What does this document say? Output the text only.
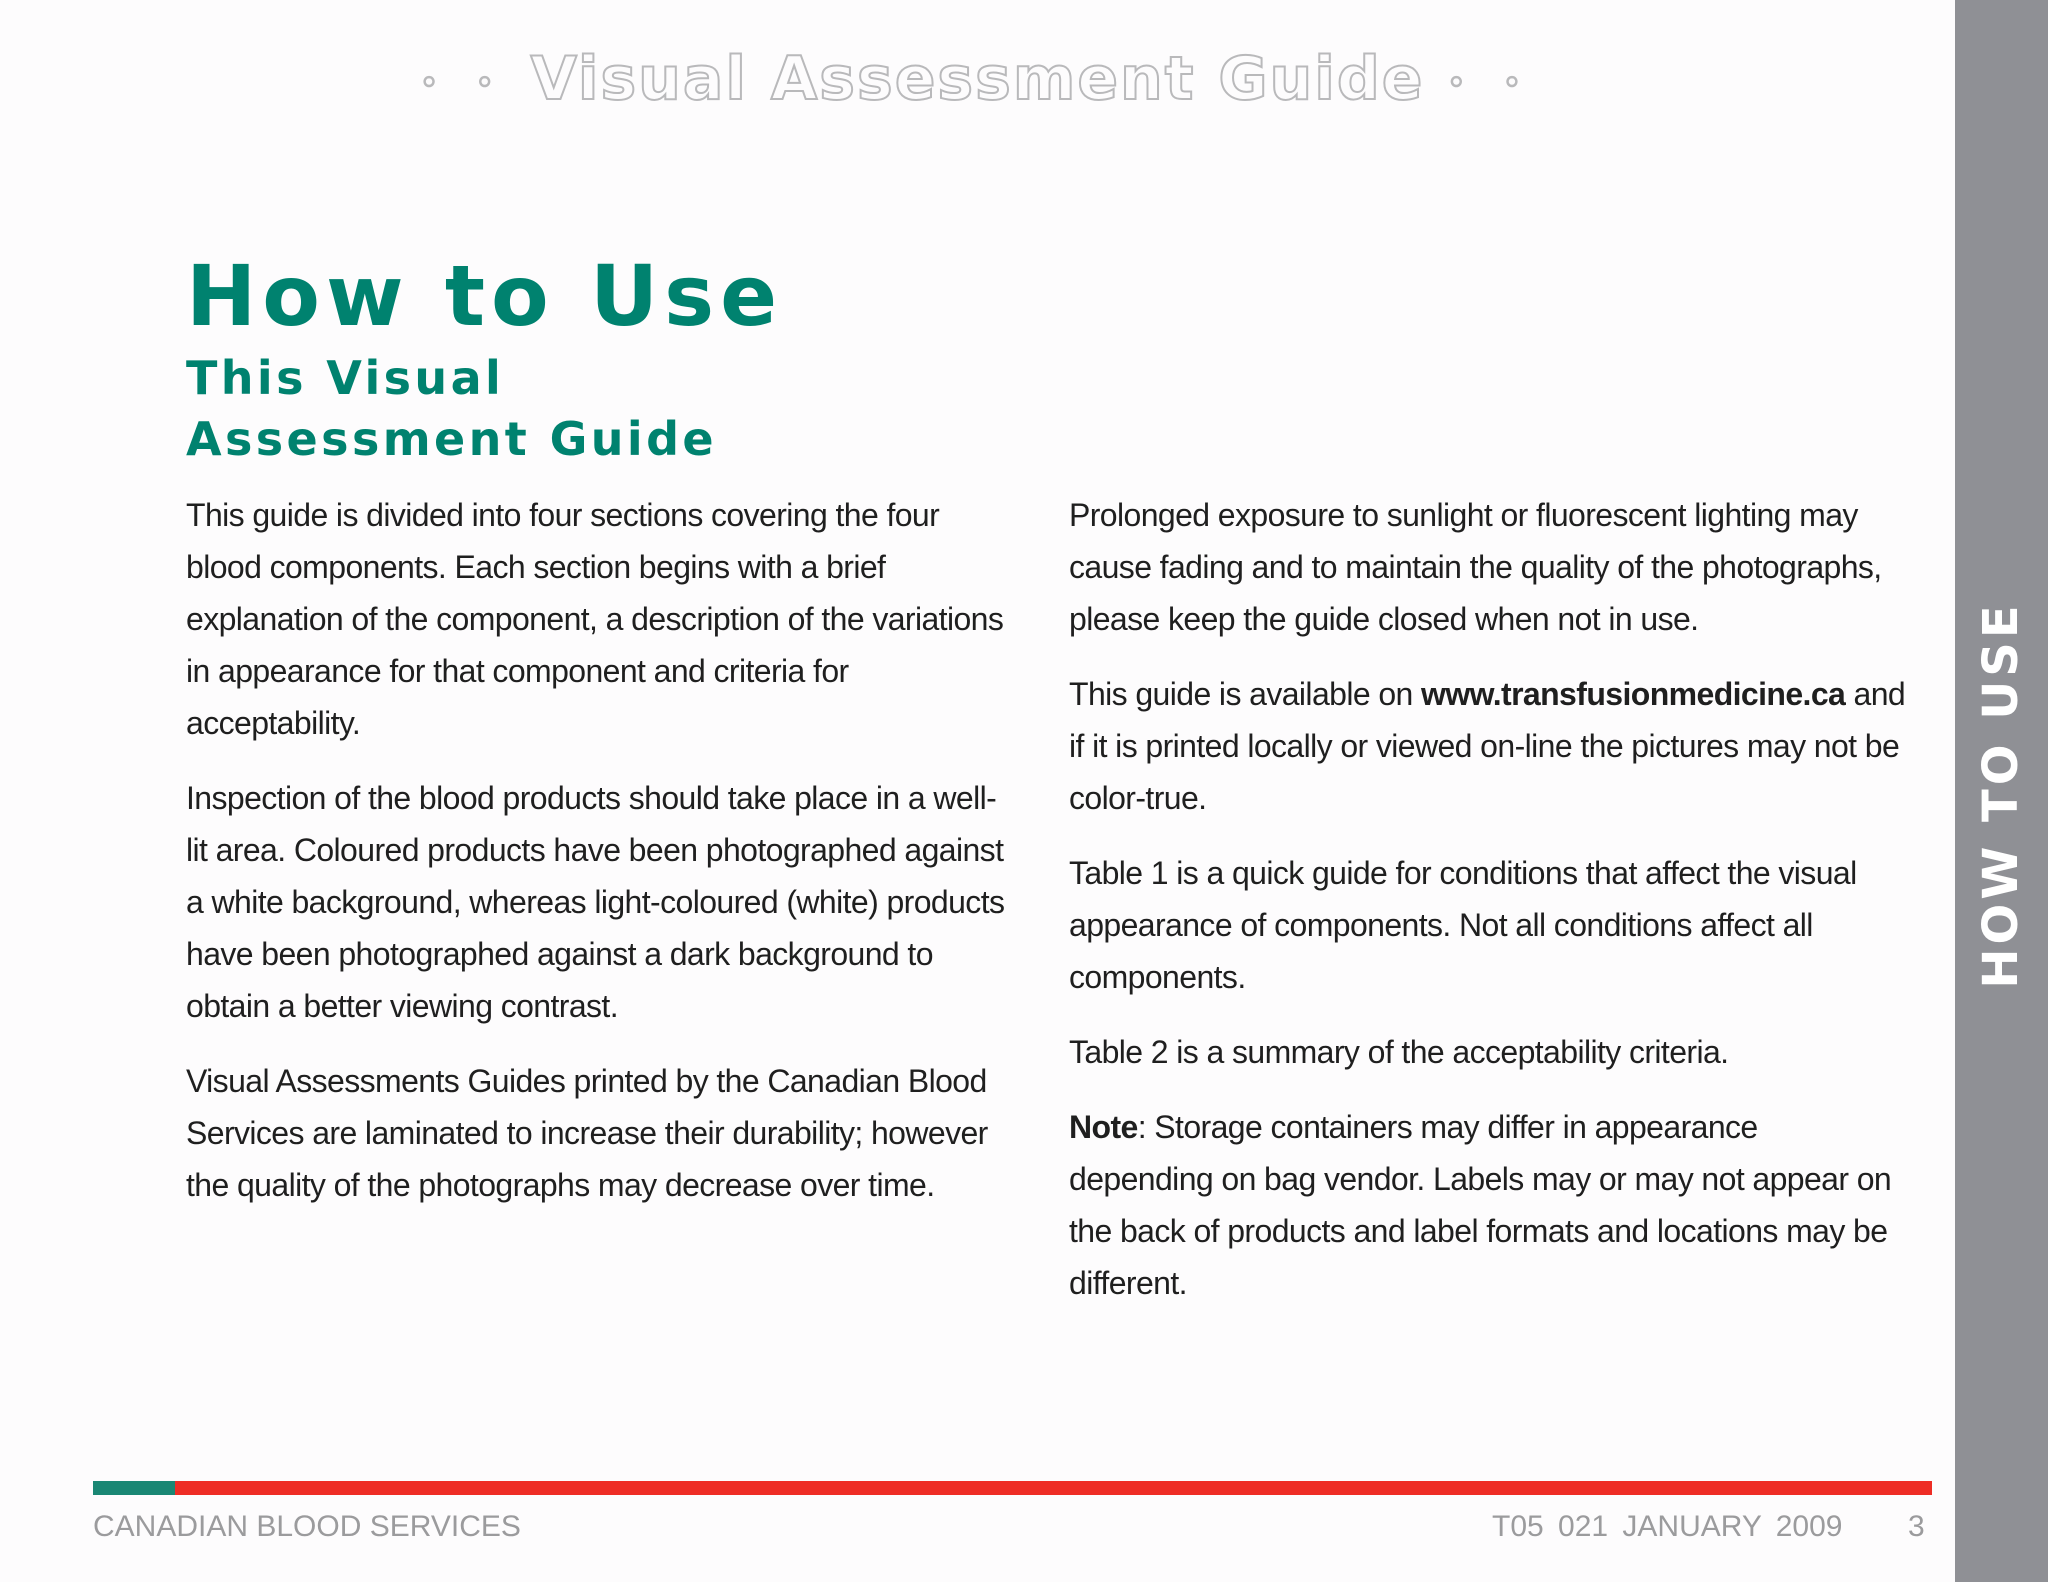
◦ ◦ Visual Assessment Guide ◦ ◦
How to Use
This Visual
Assessment Guide

This guide is divided into four sections covering the four blood components. Each section begins with a brief explanation of the component, a description of the variations in appearance for that component and criteria for acceptability.

Inspection of the blood products should take place in a well-lit area. Coloured products have been photographed against a white background, whereas light-coloured (white) products have been photographed against a dark background to obtain a better viewing contrast.

Visual Assessments Guides printed by the Canadian Blood Services are laminated to increase their durability; however the quality of the photographs may decrease over time.

Prolonged exposure to sunlight or fluorescent lighting may cause fading and to maintain the quality of the photographs, please keep the guide closed when not in use.

This guide is available on www.transfusionmedicine.ca and if it is printed locally or viewed on-line the pictures may not be color-true.

Table 1 is a quick guide for conditions that affect the visual appearance of components. Not all conditions affect all components.

Table 2 is a summary of the acceptability criteria.

Note: Storage containers may differ in appearance depending on bag vendor. Labels may or may not appear on the back of products and label formats and locations may be different.

HOW TO USE
CANADIAN BLOOD SERVICES	T05 021 JANUARY 2009 3
